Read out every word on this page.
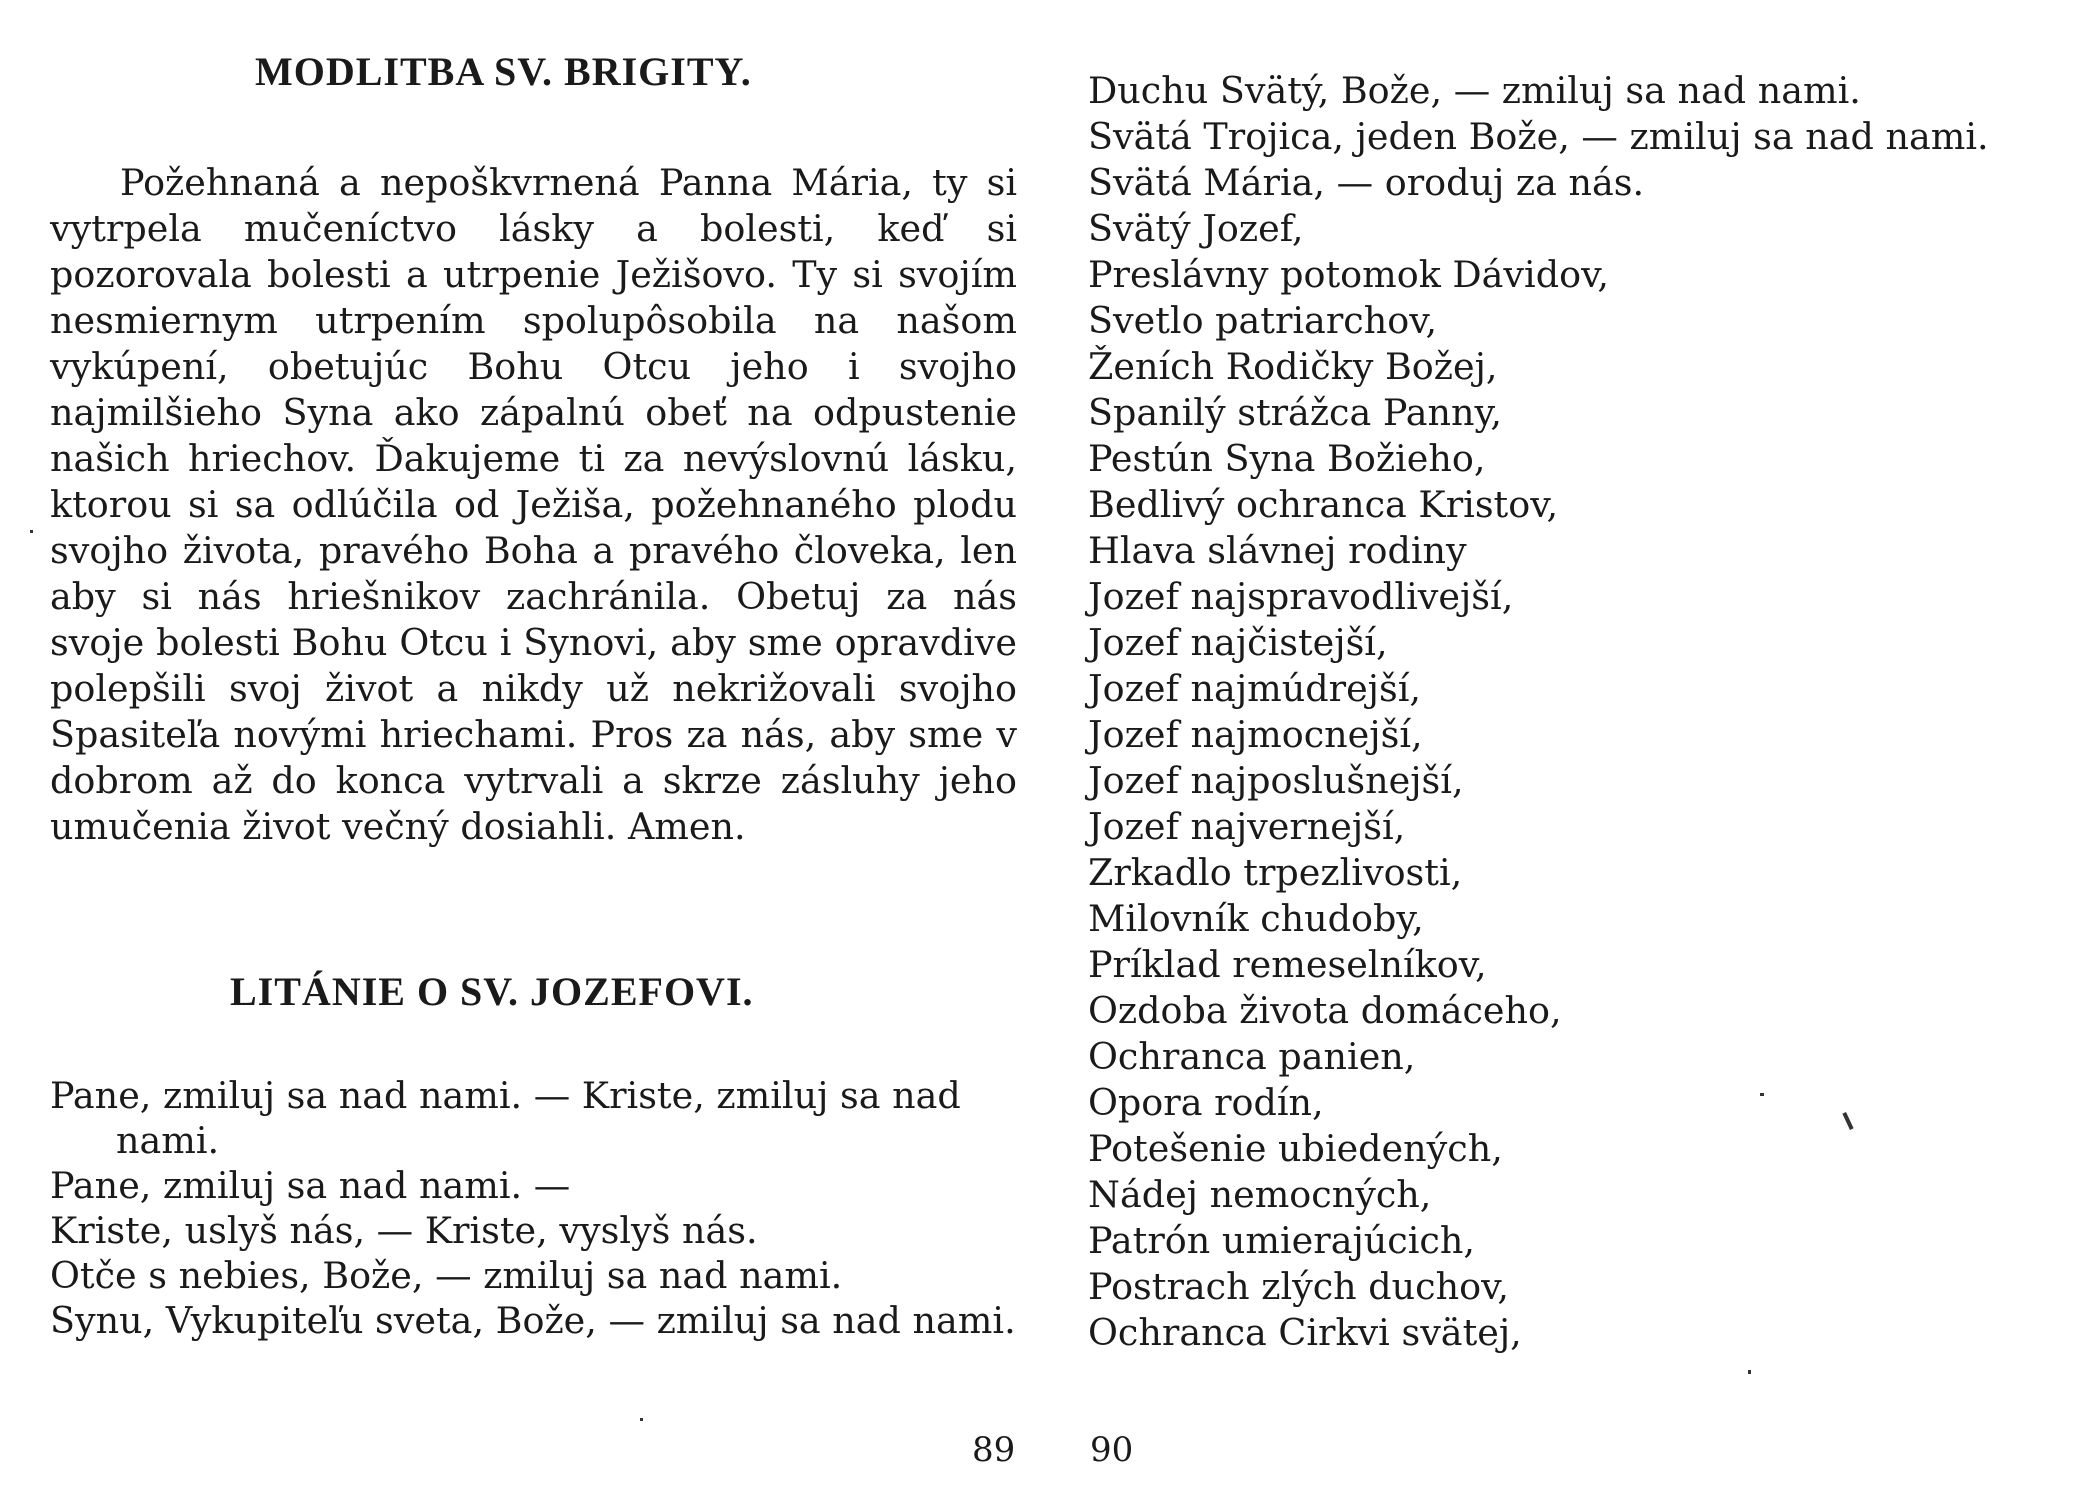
MODLITBA SV. BRIGITY.

Požehnaná a nepoškvrnená Panna Mária, ty si vytrpela mučeníctvo lásky a bolesti, keď si pozorovala bolesti a utrpenie Ježišovo. Ty si svojím nesmiernym utrpením spolupôsobila na našom vykúpení, obetujúc Bohu Otcu jeho i svojho najmilšieho Syna ako zápalnú obeť na odpustenie našich hriechov. Ďakujeme ti za nevýslovnú lásku, ktorou si sa odlúčila od Ježiša, požehnaného plodu svojho života, pravého Boha a pravého človeka, len aby si nás hriešnikov zachránila. Obetuj za nás svoje bolesti Bohu Otcu i Synovi, aby sme opravdive polepšili svoj život a nikdy už nekrižovali svojho Spasiteľa novými hriechami. Pros za nás, aby sme v dobrom až do konca vytrvali a skrze zásluhy jeho umučenia život večný dosiahli. Amen.

LITÁNIE O SV. JOZEFOVI.
Pane, zmiluj sa nad nami. — Kriste, zmiluj sa nad nami.
Pane, zmiluj sa nad nami. —
Kriste, uslyš nás, — Kriste, vyslyš nás.
Otče s nebies, Bože, — zmiluj sa nad nami.
Synu, Vykupiteľu sveta, Bože, — zmiluj sa nad nami.
89
Duchu Svätý, Bože, — zmiluj sa nad nami.
Svätá Trojica, jeden Bože, — zmiluj sa nad nami.
Svätá Mária, — oroduj za nás.
Svätý Jozef,
Preslávny potomok Dávidov,
Svetlo patriarchov,
Ženích Rodičky Božej,
Spanilý strážca Panny,
Pestún Syna Božieho,
Bedlivý ochranca Kristov,
Hlava slávnej rodiny
Jozef najspravodlivejší,
Jozef najčistejší,
Jozef najmúdrejší,
Jozef najmocnejší,
Jozef najposlušnejší,
Jozef najvernejší,
Zrkadlo trpezlivosti,
Milovník chudoby,
Príklad remeselníkov,
Ozdoba života domáceho,
Ochranca panien,
Opora rodín,
Potešenie ubiedených,
Nádej nemocných,
Patrón umierajúcich,
Postrach zlých duchov,
Ochranca Cirkvi svätej,
90
